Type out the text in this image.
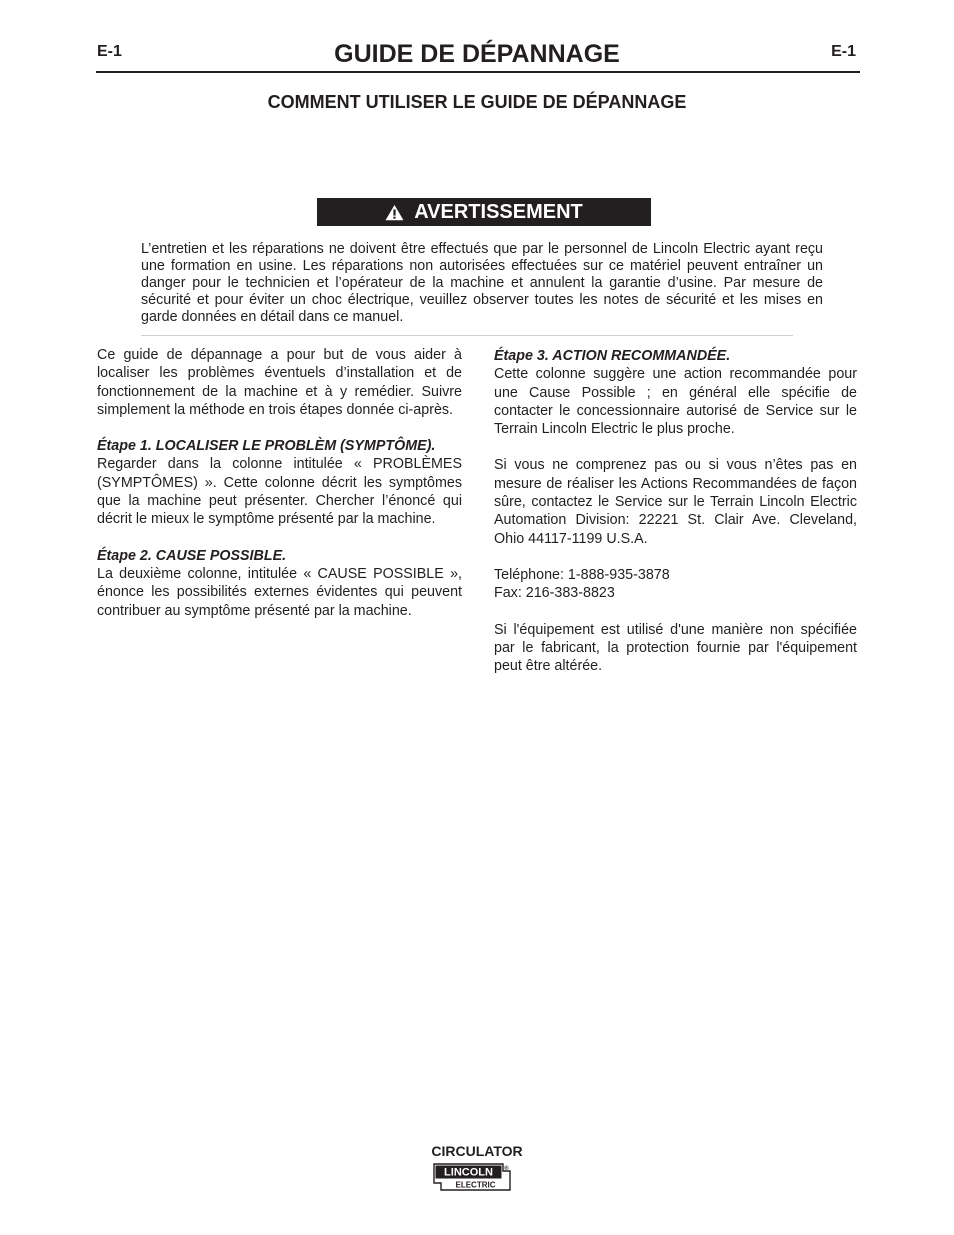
E-1	GUIDE DE DÉPANNAGE	E-1
COMMENT UTILISER LE GUIDE DE DÉPANNAGE
AVERTISSEMENT

L’entretien et les réparations ne doivent être effectués que par le personnel de Lincoln Electric ayant reçu une formation en usine. Les réparations non autorisées effectuées sur ce matériel peuvent entraîner un danger pour le technicien et l’opérateur de la machine et annulent la garantie d’usine. Par mesure de sécurité et pour éviter un choc électrique, veuillez observer toutes les notes de sécurité et les mises en garde données en détail dans ce manuel.

Ce guide de dépannage a pour but de vous aider à localiser les problèmes éventuels d’installation et de fonctionnement de la machine et à y remédier. Suivre simplement la méthode en trois étapes donnée ci-après.

Étape 1. LOCALISER LE PROBLÈM (SYMPTÔME).
Regarder dans la colonne intitulée « PROBLÈMES (SYMPTÔMES) ». Cette colonne décrit les symptômes que la machine peut présenter. Chercher l’énoncé qui décrit le mieux le symptôme présenté par la machine.

Étape 2. CAUSE POSSIBLE.
La deuxième colonne, intitulée « CAUSE POSSIBLE », énonce les possibilités externes évidentes qui peuvent contribuer au symptôme présenté par la machine.

Étape 3. ACTION RECOMMANDÉE.
Cette colonne suggère une action recommandée pour une Cause Possible ; en général elle spécifie de contacter le concessionnaire autorisé de Service sur le Terrain Lincoln Electric le plus proche.

Si vous ne comprenez pas ou si vous n’êtes pas en mesure de réaliser les Actions Recommandées de façon sûre, contactez le Service sur le Terrain Lincoln Electric Automation Division: 22221 St. Clair Ave. Cleveland, Ohio 44117-1199 U.S.A.

Teléphone: 1-888-935-3878
Fax: 216-383-8823

Si l'équipement est utilisé d'une manière non spécifiée par le fabricant, la protection fournie par l'équipement peut être altérée.

CIRCULATOR
LINCOLN ®
ELECTRIC
